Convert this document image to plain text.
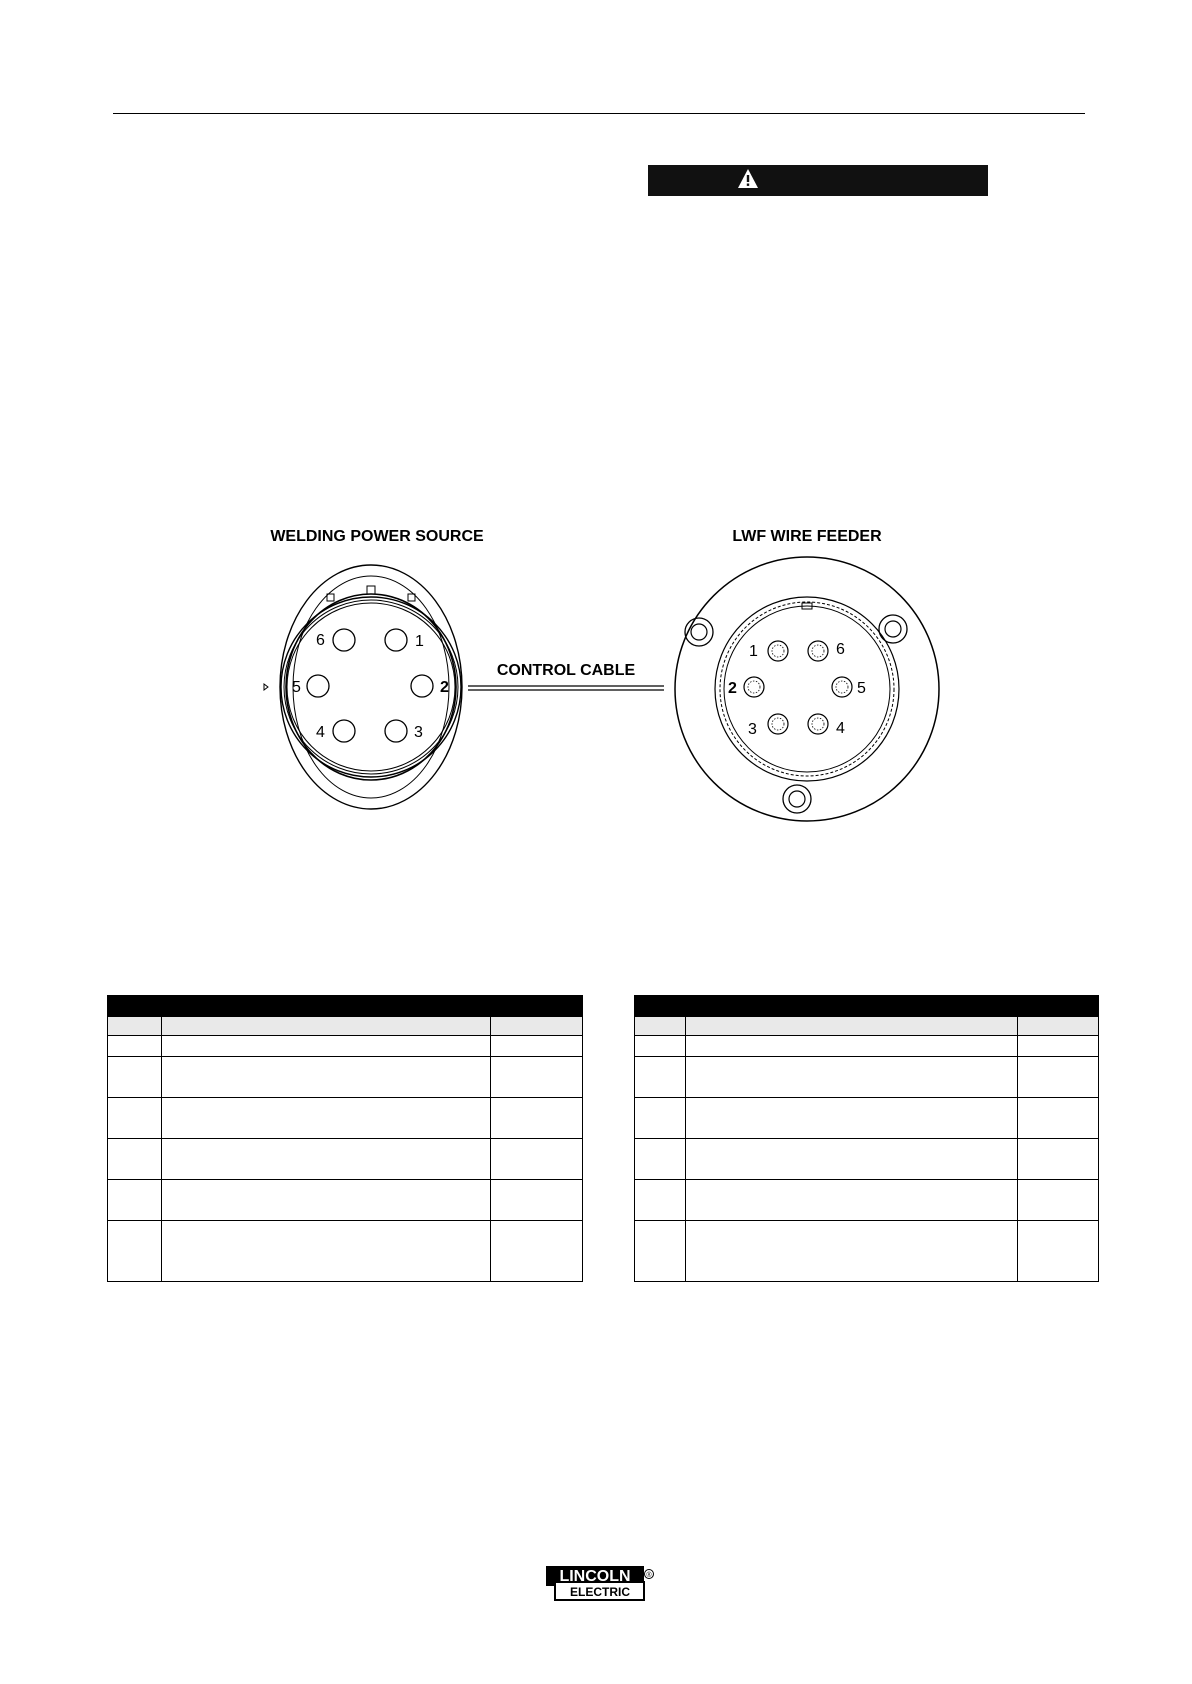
WELDING POWER SOURCE	LWF WIRE FEEDER
CONTROL CABLE
1
2
3
4
5
6
1
2
3	4
5
6

LINCOLN
ELECTRIC
®
